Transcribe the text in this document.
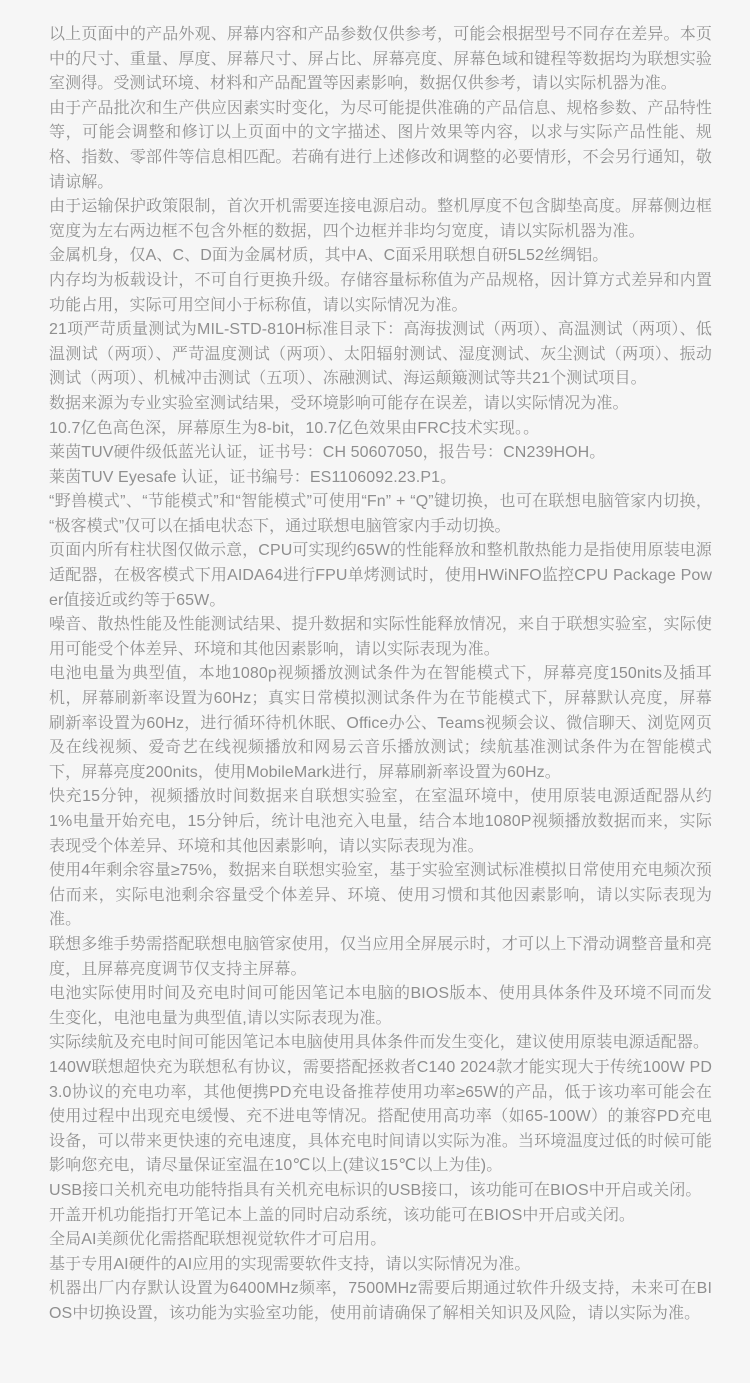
以上页面中的产品外观、屏幕内容和产品参数仅供参考，可能会根据型号不同存在差异。本页中的尺寸、重量、厚度、屏幕尺寸、屏占比、屏幕亮度、屏幕色域和键程等数据均为联想实验室测得。受测试环境、材料和产品配置等因素影响，数据仅供参考，请以实际机器为准。

由于产品批次和生产供应因素实时变化，为尽可能提供准确的产品信息、规格参数、产品特性等，可能会调整和修订以上页面中的文字描述、图片效果等内容，以求与实际产品性能、规格、指数、零部件等信息相匹配。若确有进行上述修改和调整的必要情形，不会另行通知，敬请谅解。

由于运输保护政策限制，首次开机需要连接电源启动。整机厚度不包含脚垫高度。屏幕侧边框宽度为左右两边框不包含外框的数据，四个边框并非均匀宽度，请以实际机器为准。

金属机身，仅A、C、D面为金属材质，其中A、C面采用联想自研5L52丝绸铝。

内存均为板载设计，不可自行更换升级。存储容量标称值为产品规格，因计算方式差异和内置功能占用，实际可用空间小于标称值，请以实际情况为准。

21项严苛质量测试为MIL-STD-810H标准目录下：高海拔测试（两项）、高温测试（两项）、低温测试（两项）、严苛温度测试（两项）、太阳辐射测试、湿度测试、灰尘测试（两项）、振动测试（两项）、机械冲击测试（五项）、冻融测试、海运颠簸测试等共21个测试项目。

数据来源为专业实验室测试结果，受环境影响可能存在误差，请以实际情况为准。

10.7亿色高色深，屏幕原生为8-bit，10.7亿色效果由FRC技术实现。。

莱茵TUV硬件级低蓝光认证，证书号：CH 50607050，报告号：CN239HOH。

莱茵TUV Eyesafe 认证，证书编号：ES1106092.23.P1。

“野兽模式”、“节能模式”和“智能模式”可使用“Fn” + “Q”键切换，也可在联想电脑管家内切换，“极客模式”仅可以在插电状态下，通过联想电脑管家内手动切换。

页面内所有柱状图仅做示意，CPU可实现约65W的性能释放和整机散热能力是指使用原装电源适配器，在极客模式下用AIDA64进行FPU单烤测试时，使用HWiNFO监控CPU Package Power值接近或约等于65W。

噪音、散热性能及性能测试结果、提升数据和实际性能释放情况，来自于联想实验室，实际使用可能受个体差异、环境和其他因素影响，请以实际表现为准。

电池电量为典型值，本地1080p视频播放测试条件为在智能模式下，屏幕亮度150nits及插耳机，屏幕刷新率设置为60Hz；真实日常模拟测试条件为在节能模式下，屏幕默认亮度，屏幕刷新率设置为60Hz，进行循环待机休眠、Office办公、Teams视频会议、微信聊天、浏览网页及在线视频、爱奇艺在线视频播放和网易云音乐播放测试；续航基准测试条件为在智能模式下，屏幕亮度200nits，使用MobileMark进行，屏幕刷新率设置为60Hz。

快充15分钟，视频播放时间数据来自联想实验室，在室温环境中，使用原装电源适配器从约1%电量开始充电，15分钟后，统计电池充入电量，结合本地1080P视频播放数据而来，实际表现受个体差异、环境和其他因素影响，请以实际表现为准。

使用4年剩余容量≥75%，数据来自联想实验室，基于实验室测试标准模拟日常使用充电频次预估而来，实际电池剩余容量受个体差异、环境、使用习惯和其他因素影响，请以实际表现为准。

联想多维手势需搭配联想电脑管家使用，仅当应用全屏展示时，才可以上下滑动调整音量和亮度，且屏幕亮度调节仅支持主屏幕。

电池实际使用时间及充电时间可能因笔记本电脑的BIOS版本、使用具体条件及环境不同而发生变化，电池电量为典型值,请以实际表现为准。

实际续航及充电时间可能因笔记本电脑使用具体条件而发生变化，建议使用原装电源适配器。

140W联想超快充为联想私有协议，需要搭配拯救者C140 2024款才能实现大于传统100W PD 3.0协议的充电功率，其他便携PD充电设备推荐使用功率≥65W的产品，低于该功率可能会在使用过程中出现充电缓慢、充不进电等情况。搭配使用高功率（如65-100W）的兼容PD充电设备，可以带来更快速的充电速度，具体充电时间请以实际为准。当环境温度过低的时候可能影响您充电，请尽量保证室温在10℃以上(建议15℃以上为佳)。

USB接口关机充电功能特指具有关机充电标识的USB接口，该功能可在BIOS中开启或关闭。

开盖开机功能指打开笔记本上盖的同时启动系统，该功能可在BIOS中开启或关闭。

全局AI美颜优化需搭配联想视觉软件才可启用。

基于专用AI硬件的AI应用的实现需要软件支持，请以实际情况为准。

机器出厂内存默认设置为6400MHz频率，7500MHz需要后期通过软件升级支持，未来可在BIOS中切换设置，该功能为实验室功能，使用前请确保了解相关知识及风险，请以实际为准。
